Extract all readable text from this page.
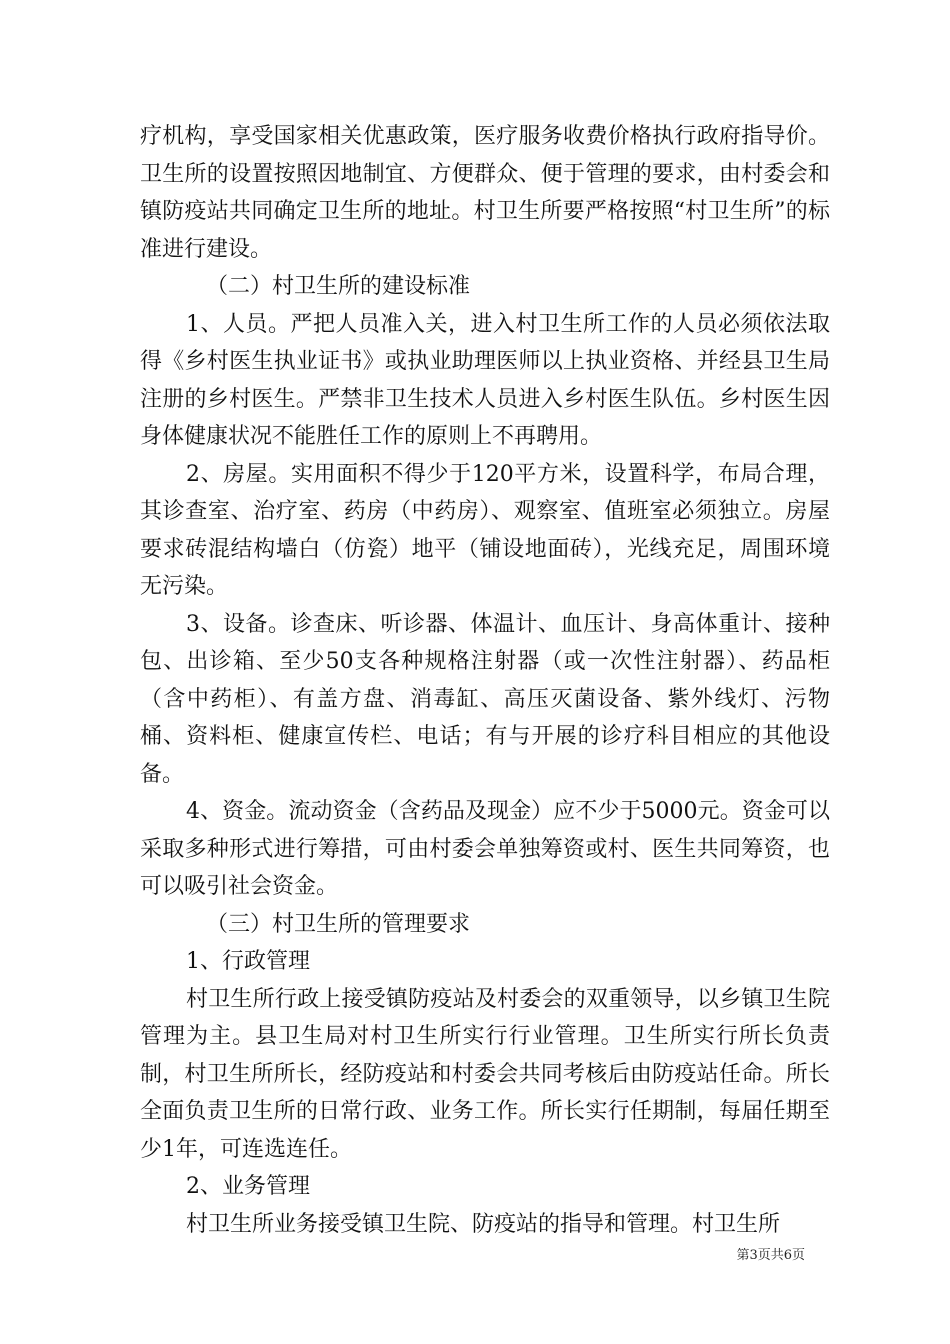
疗机构，享受国家相关优惠政策，医疗服务收费价格执行政府指导价。卫生所的设置按照因地制宜、方便群众、便于管理的要求，由村委会和镇防疫站共同确定卫生所的地址。村卫生所要严格按照“村卫生所”的标准进行建设。

（二）村卫生所的建设标准

1、人员。严把人员准入关，进入村卫生所工作的人员必须依法取得《乡村医生执业证书》或执业助理医师以上执业资格、并经县卫生局注册的乡村医生。严禁非卫生技术人员进入乡村医生队伍。乡村医生因身体健康状况不能胜任工作的原则上不再聘用。

2、房屋。实用面积不得少于120平方米，设置科学，布局合理，其诊查室、治疗室、药房（中药房）、观察室、值班室必须独立。房屋要求砖混结构墙白（仿瓷）地平（铺设地面砖），光线充足，周围环境无污染。

3、设备。诊查床、听诊器、体温计、血压计、身高体重计、接种包、出诊箱、至少50支各种规格注射器（或一次性注射器）、药品柜（含中药柜）、有盖方盘、消毒缸、高压灭菌设备、紫外线灯、污物桶、资料柜、健康宣传栏、电话；有与开展的诊疗科目相应的其他设备。

4、资金。流动资金（含药品及现金）应不少于5000元。资金可以采取多种形式进行筹措，可由村委会单独筹资或村、医生共同筹资，也可以吸引社会资金。

（三）村卫生所的管理要求

1、行政管理

村卫生所行政上接受镇防疫站及村委会的双重领导，以乡镇卫生院管理为主。县卫生局对村卫生所实行行业管理。卫生所实行所长负责制，村卫生所所长，经防疫站和村委会共同考核后由防疫站任命。所长全面负责卫生所的日常行政、业务工作。所长实行任期制，每届任期至少1年，可连选连任。

2、业务管理

村卫生所业务接受镇卫生院、防疫站的指导和管理。村卫生所

第3页共6页
